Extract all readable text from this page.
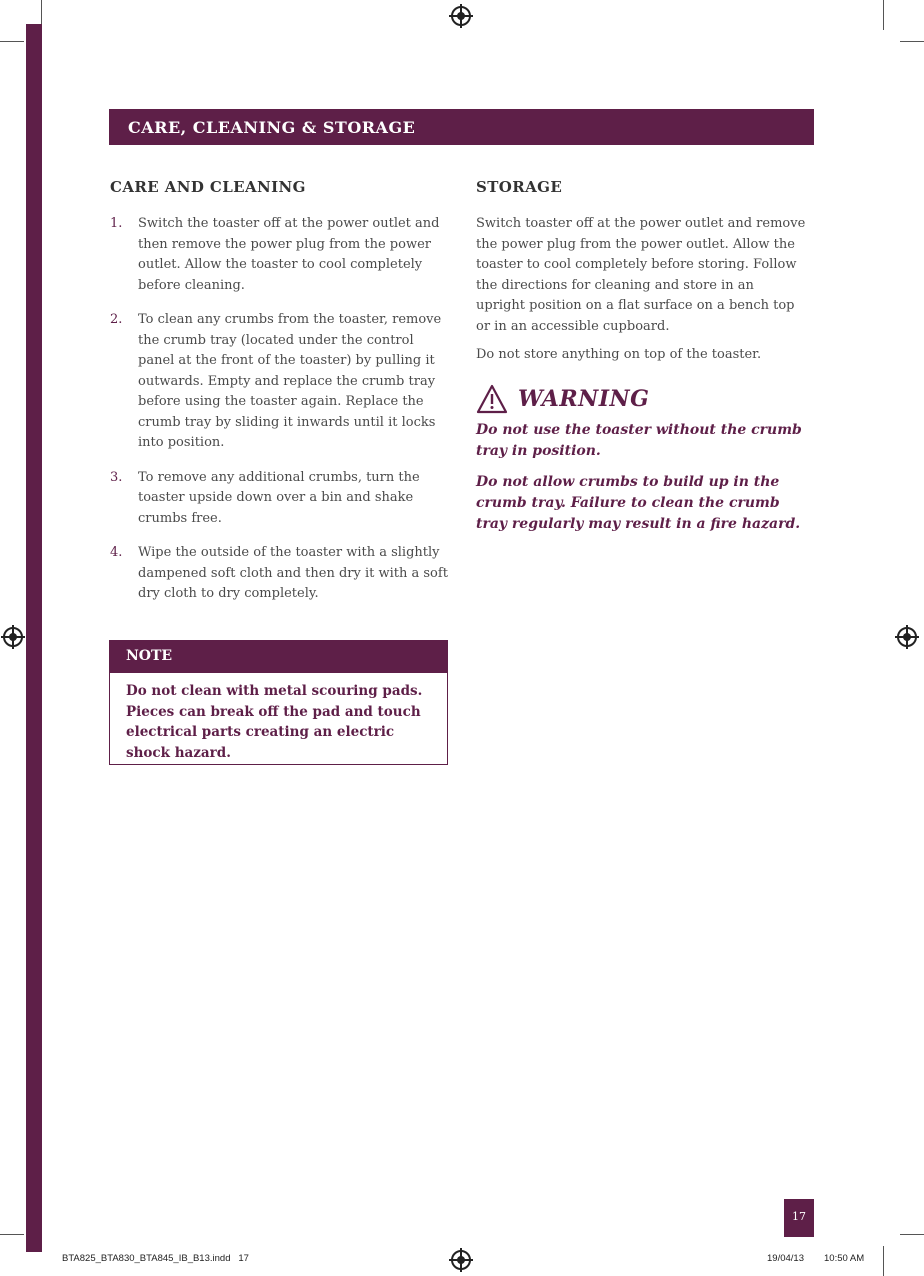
CARE, CLEANING & STORAGE
CARE AND CLEANING
1. Switch the toaster off at the power outlet and then remove the power plug from the power outlet. Allow the toaster to cool completely before cleaning.
2. To clean any crumbs from the toaster, remove the crumb tray (located under the control panel at the front of the toaster) by pulling it outwards. Empty and replace the crumb tray before using the toaster again. Replace the crumb tray by sliding it inwards until it locks into position.
3. To remove any additional crumbs, turn the toaster upside down over a bin and shake crumbs free.
4. Wipe the outside of the toaster with a slightly dampened soft cloth and then dry it with a soft dry cloth to dry completely.
NOTE
Do not clean with metal scouring pads. Pieces can break off the pad and touch electrical parts creating an electric shock hazard.
STORAGE

Switch toaster off at the power outlet and remove the power plug from the power outlet. Allow the toaster to cool completely before storing. Follow the directions for cleaning and store in an upright position on a flat surface on a bench top or in an accessible cupboard.

Do not store anything on top of the toaster.

WARNING

Do not use the toaster without the crumb tray in position.

Do not allow crumbs to build up in the crumb tray. Failure to clean the crumb tray regularly may result in a fire hazard.

17
BTA825_BTA830_BTA845_IB_B13.indd   17	19/04/13 10:50 AM
